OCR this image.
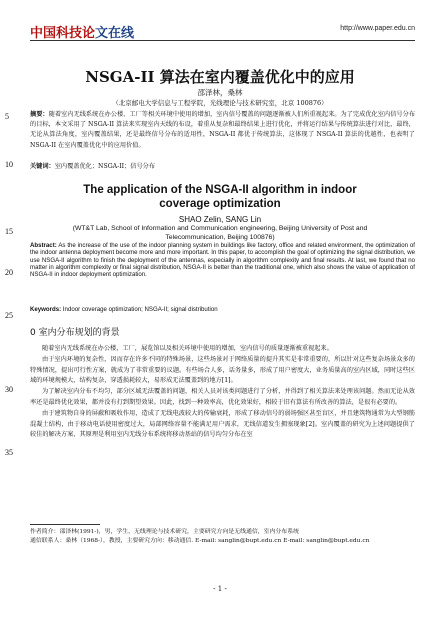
中国科技论文在线	http://www.paper.edu.cn
NSGA-II 算法在室内覆盖优化中的应用
邵泽林，桑林
（北京邮电大学信息与工程学院，光线理论与技术研究室，北京 100876）
5	摘要：随着室内无线系统在办公楼、工厂等相关环境中使用的增加，室内信号覆盖的问题逐渐被人们所重视起来。为了完成优化室内信号分布的目标，本文采用了 NSGA-II 算法来实现室内天线的布设，着重从复杂和最终结果上进行优化，并将运行结果与传统算法进行对比，最终，无论从算法角度，室内覆盖结果，还是最终信号分布的适用性，NSGA-II 都优于传统算法，这体现了 NSGA-II 算法的优越性，也表明了 NSGA-II 在室内覆盖优化中的应用价值。
10	关键词：室内覆盖优化；NSGA-II；信号分布
The application of the NSGA-II algorithm in indoor coverage optimization
SHAO Zelin, SANG Lin
15	(WT&T Lab, School of Information and Communication engineering, Beijing University of Post and Telecommunication, Beijing 100876)
Abstract: As the increase of the use of the indoor planning system in buildings like factory, office and related environment, the optimization of the indoor antenna deployment become more and more important. In this paper, to accomplish the goal of optimizing the signal distribution, we use NSGA-II algorithm to finish the deployment of the antennas, especially in algorithm complexity and final results. At last, we found that no matter in algorithm complexity or final signal distribution, NSGA-II is better than the traditional one, which also shows the value of application of NSGA-II in indoor deployment optimization.
20
Keywords: Indoor coverage optimization; NSGA-II; signal distribution
25
0 室内分布规划的背景

随着室内无线系统在办公楼，工厂，展览馆以及相关环境中使用的增加，室内信号的质量逐渐被重视起来。

由于室内环境的复杂性，因而存在许多不同的特殊场景，这些场景对于网络质量的提升其实是非常重要的，所以针对这些复杂场景众多的特殊情况，提出可行性方案，就成为了非常重要的议题。有些场合人多，话务量多，形成了用户密度大，业务质量高的室内区域，同时这些区域的环境规模大，结构复杂，穿透损耗较大，易形成无法覆盖到的地方[1]。

为了解决室内分布不均匀，部分区域无法覆盖的问题，相关人员对该类问题进行了分析，并得到了相关算法来处理该问题。然而无论从效率还是最终优化效果，都并没有打到期望效果。因此，找到一种效率高，优化效果好，相较于旧有算法有所改善的算法，是很有必要的。

由于建筑物自身的屏蔽和吸收作用，造成了无线电波较大的传输衰耗，形成了移动信号的弱场强区甚至盲区，并且建筑物通常为大型钢筋混凝土结构，由于移动电话使用密度过大，局部网络容量不能满足用户需求，无线信道发生拥塞现象[2]。室内覆盖的研究为上述问题提供了较佳的解决方案，其原理是利用室内无线分布系统将移动基站的信号均匀分布在室

30
35
作者简介：邵泽林(1991-)，男，学生，无线理论与技术研究，主要研究方向是无线通信，室内分布系统
通信联系人：桑林（1968-），教授，主要研究方向：移动通信. E-mail: sanglin@bupt.edu.cn E-mail: sanglin@bupt.edu.cn
- 1 -
